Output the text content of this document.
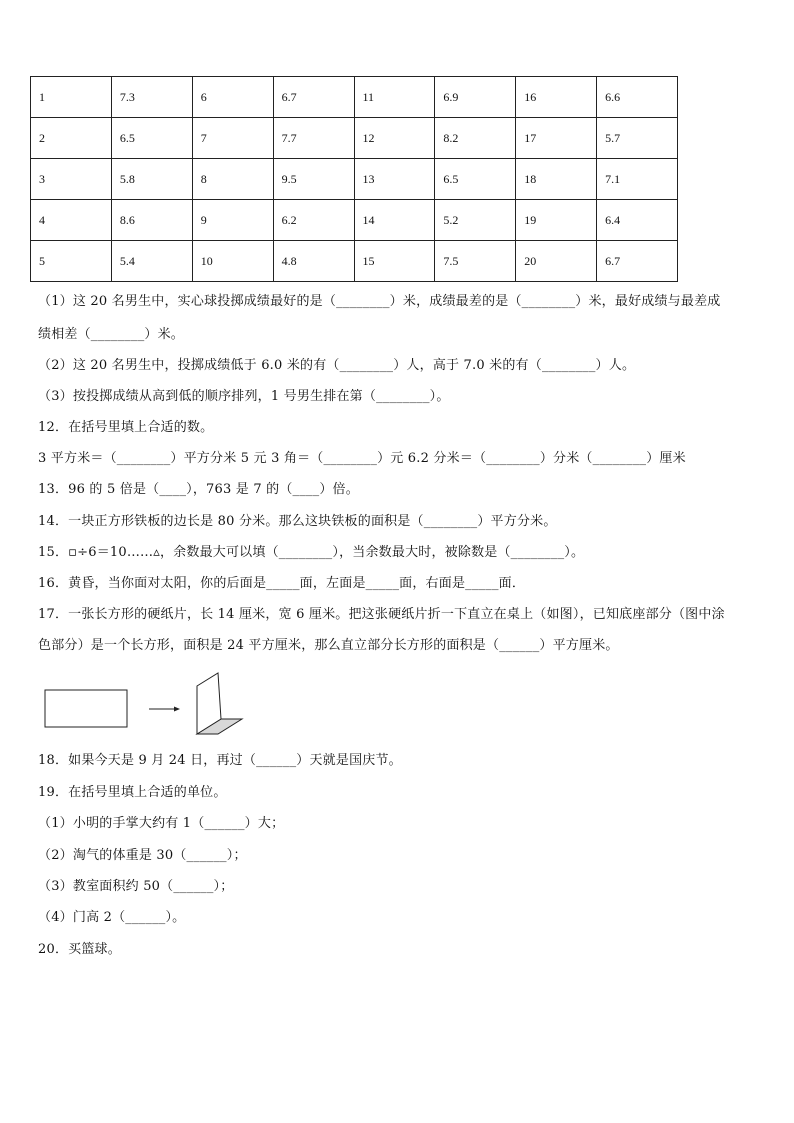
1	7.3	6	6.7	11	6.9	16	6.6
2	6.5	7	7.7	12	8.2	17	5.7
3	5.8	8	9.5	13	6.5	18	7.1
4	8.6	9	6.2	14	5.2	19	6.4
5	5.4	10	4.8	15	7.5	20	6.7

（1）这 20 名男生中，实心球投掷成绩最好的是（________）米，成绩最差的是（________）米，最好成绩与最差成

绩相差（________）米。

（2）这 20 名男生中，投掷成绩低于 6.0 米的有（________）人，高于 7.0 米的有（________）人。

（3）按投掷成绩从高到低的顺序排列，1 号男生排在第（________）。

12．在括号里填上合适的数。

3 平方米＝（________）平方分米 5 元 3 角＝（________）元 6.2 分米＝（________）分米（________）厘米

13．96 的 5 倍是（____），763 是 7 的（____）倍。

14．一块正方形铁板的边长是 80 分米。那么这块铁板的面积是（________）平方分米。

15．▫÷6＝10……▵，余数最大可以填（________），当余数最大时，被除数是（________）。

16．黄昏，当你面对太阳，你的后面是_____面，左面是_____面，右面是_____面．

17．一张长方形的硬纸片，长 14 厘米，宽 6 厘米。把这张硬纸片折一下直立在桌上（如图），已知底座部分（图中涂

色部分）是一个长方形，面积是 24 平方厘米，那么直立部分长方形的面积是（______）平方厘米。

18．如果今天是 9 月 24 日，再过（______）天就是国庆节。

19．在括号里填上合适的单位。

（1）小明的手掌大约有 1（______）大；

（2）淘气的体重是 30（______）；

（3）教室面积约 50（______）；

（4）门高 2（______）。

20．买篮球。
